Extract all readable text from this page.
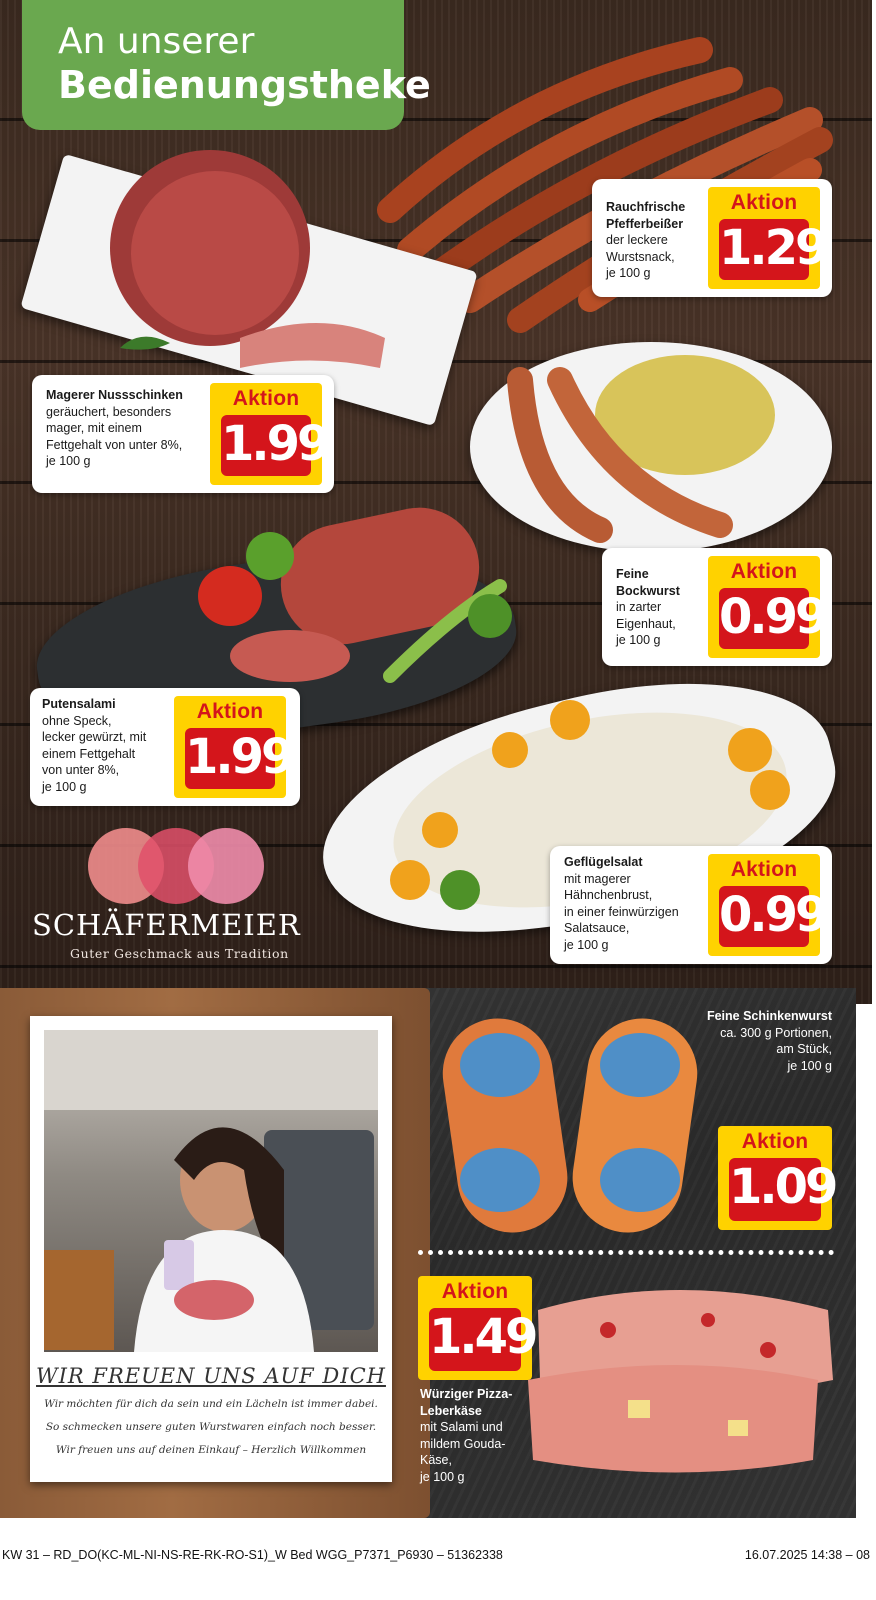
An unserer
Bedienungstheke
Rauchfrische Pfefferbeißer
der leckere
Wurstsnack,
je 100 g
Aktion
1.29
Magerer Nussschinken
geräuchert, besonders
mager, mit einem
Fettgehalt von unter 8%,
je 100 g
Aktion
1.99
Feine Bockwurst
in zarter
Eigenhaut,
je 100 g
Aktion
0.99
Putensalami
ohne Speck,
lecker gewürzt, mit
einem Fettgehalt
von unter 8%,
je 100 g
Aktion
1.99
Geflügelsalat
mit magerer
Hähnchenbrust,
in einer feinwürzigen
Salatsauce,
je 100 g
Aktion
0.99
SCHÄFERMEIER
Guter Geschmack aus Tradition
WIR FREUEN UNS AUF DICH
Wir möchten für dich da sein und ein Lächeln ist immer dabei.
So schmecken unsere guten Wurstwaren einfach noch besser.
Wir freuen uns auf deinen Einkauf – Herzlich Willkommen
Feine Schinkenwurst
ca. 300 g Portionen,
am Stück,
je 100 g
Aktion
1.09
Aktion
1.49
Würziger Pizza-Leberkäse
mit Salami und
mildem Gouda-
Käse,
je 100 g
KW 31 – RD_DO(KC-ML-NI-NS-RE-RK-RO-S1)_W Bed WGG_P7371_P6930 – 51362338	16.07.2025 14:38 – 08
